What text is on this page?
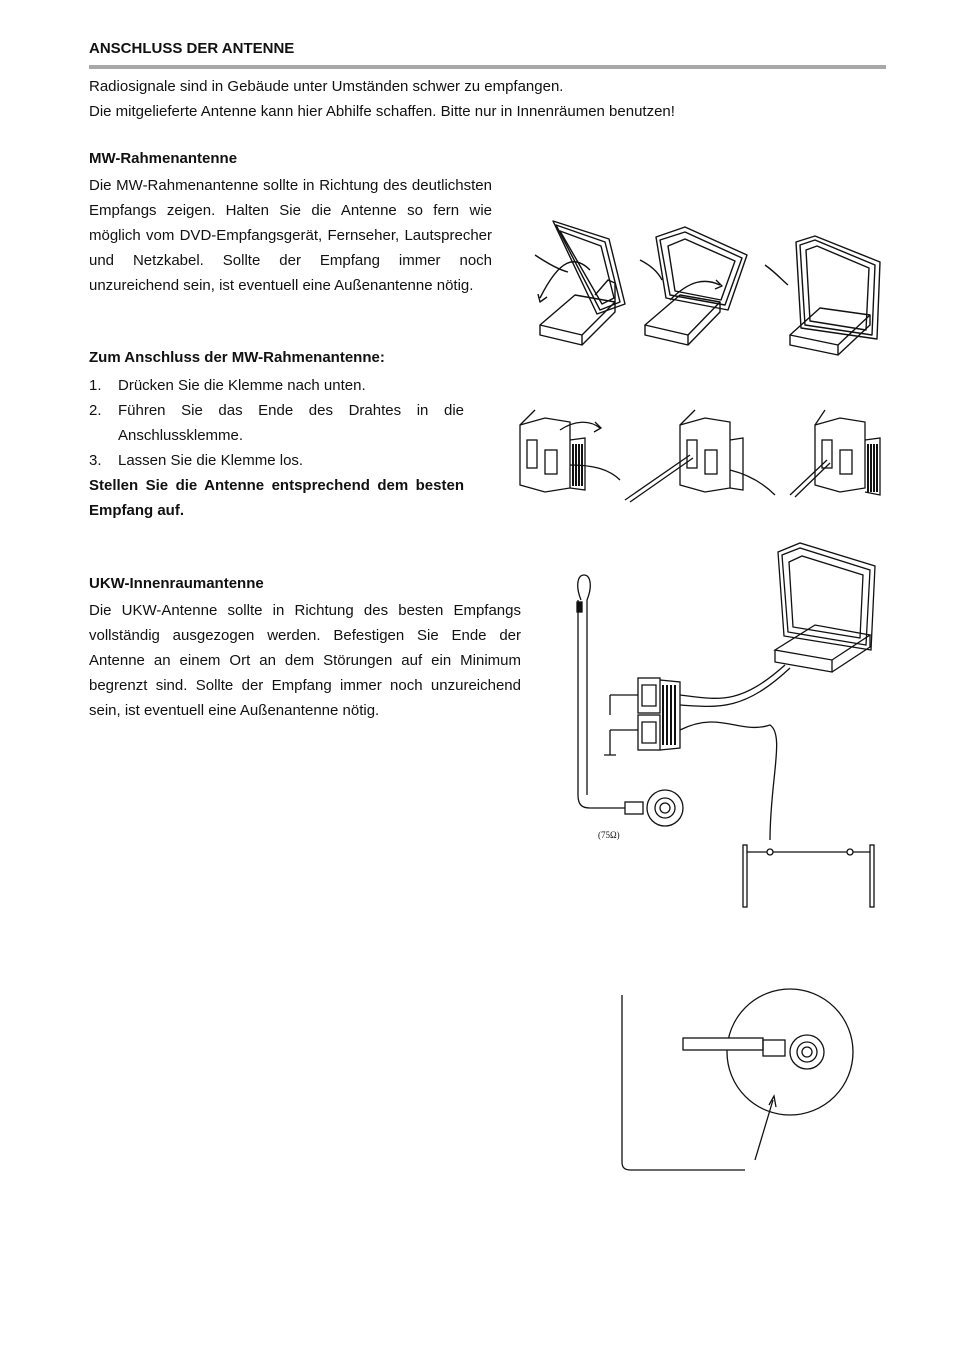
ANSCHLUSS DER ANTENNE

Radiosignale sind in Gebäude unter Umständen schwer zu empfangen.

Die mitgelieferte Antenne kann hier Abhilfe schaffen. Bitte nur in Innenräumen benutzen!

MW-Rahmenantenne
Die MW-Rahmenantenne sollte in Richtung des deutlichsten Empfangs zeigen. Halten Sie die Antenne so fern wie möglich vom DVD-Empfangsgerät, Fernseher, Lautsprecher und Netzkabel. Sollte der Empfang immer noch unzureichend sein, ist eventuell eine Außenantenne nötig.
Zum Anschluss der MW-Rahmenantenne:
1. Drücken Sie die Klemme nach unten.
2. Führen Sie das Ende des Drahtes in die Anschlussklemme.
3. Lassen Sie die Klemme los.
Stellen Sie die Antenne entsprechend dem besten Empfang auf.
UKW-Innenraumantenne
Die UKW-Antenne sollte in Richtung des besten Empfangs vollständig ausgezogen werden. Befestigen Sie Ende der Antenne an einem Ort an dem Störungen auf ein Minimum begrenzt sind. Sollte der Empfang immer noch unzureichend sein, ist eventuell eine Außenantenne nötig.
(75Ω)
